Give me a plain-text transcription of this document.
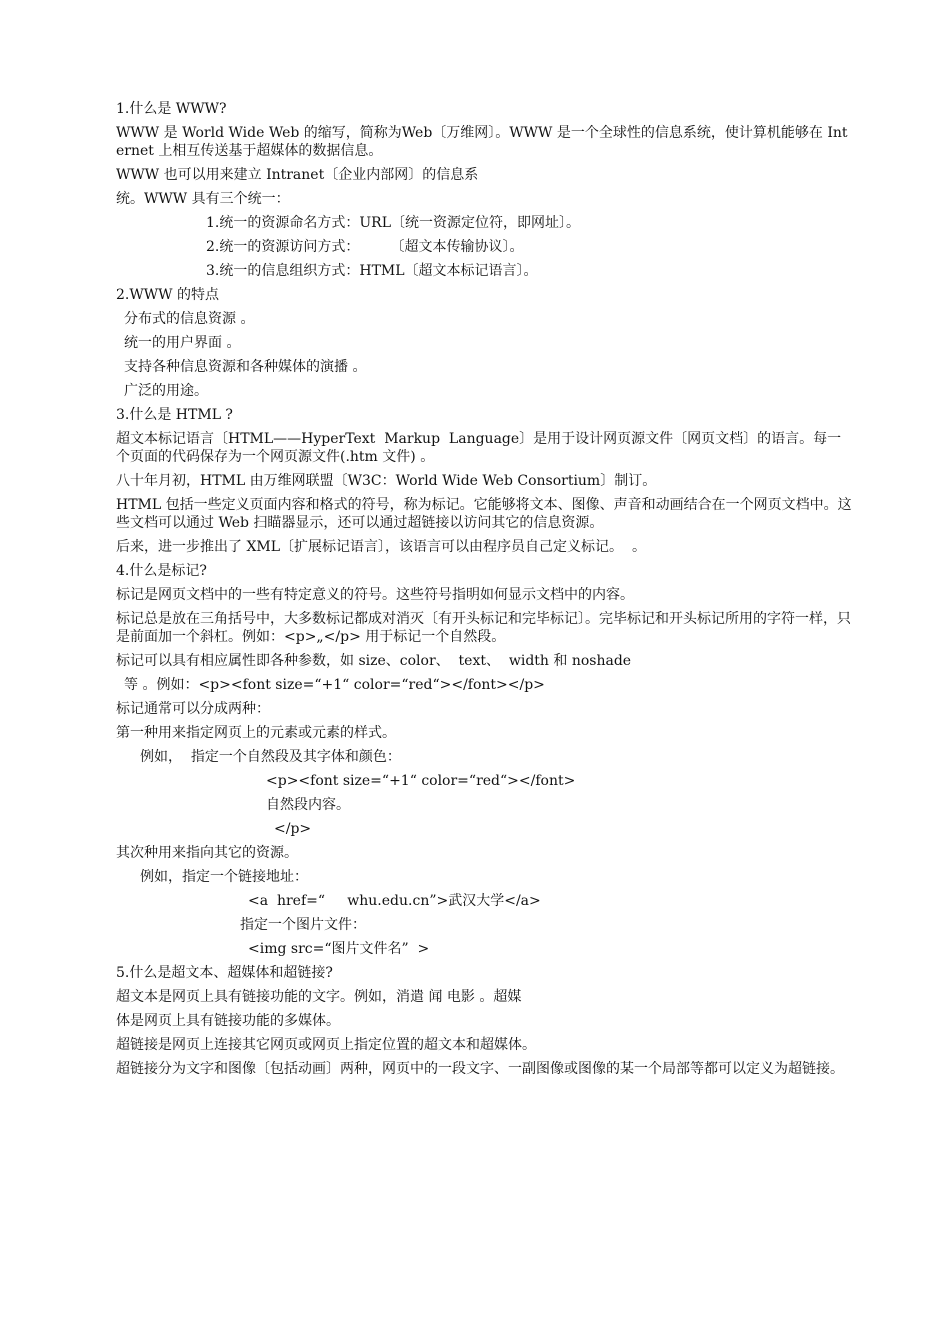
1.什么是 WWW?
WWW 是 World Wide Web 的缩写，简称为Web〔万维网〕。WWW 是一个全球性的信息系统，使计算机能够在 Internet 上相互传送基于超媒体的数据信息。
WWW 也可以用来建立 Intranet〔企业内部网〕的信息系
统。WWW 具有三个统一：
1.统一的资源命名方式：URL〔统一资源定位符，即网址〕。
2.统一的资源访问方式：       〔超文本传输协议〕。
3.统一的信息组织方式：HTML〔超文本标记语言〕。
2.WWW 的特点
分布式的信息资源 。
统一的用户界面 。
支持各种信息资源和各种媒体的演播 。
广泛的用途。
3.什么是 HTML ?
超文本标记语言〔HTML——HyperText  Markup  Language〕是用于设计网页源文件〔网页文档〕的语言。每一个页面的代码保存为一个网页源文件(.htm 文件) 。
八十年月初，HTML 由万维网联盟〔W3C：World Wide Web Consortium〕制订。
HTML 包括一些定义页面内容和格式的符号，称为标记。它能够将文本、图像、声音和动画结合在一个网页文档中。这些文档可以通过 Web 扫瞄器显示，还可以通过超链接以访问其它的信息资源。
后来，进一步推出了 XML〔扩展标记语言〕，该语言可以由程序员自己定义标记。  。
4.什么是标记?
标记是网页文档中的一些有特定意义的符号。这些符号指明如何显示文档中的内容。
标记总是放在三角括号中，大多数标记都成对消灭〔有开头标记和完毕标记〕。完毕标记和开头标记所用的字符一样，只是前面加一个斜杠。例如：<p>„</p> 用于标记一个自然段。
标记可以具有相应属性即各种参数，如 size、color、  text、  width 和 noshade
等 。例如：<p><font size=“+1“ color=“red“></font></p>
标记通常可以分成两种：
第一种用来指定网页上的元素或元素的样式。
例如，  指定一个自然段及其字体和颜色：
<p><font size=“+1“ color=“red“></font>
自然段内容。
</p>
其次种用来指向其它的资源。
例如，指定一个链接地址：
<a  href=“     whu.edu.cn”>武汉大学</a>
指定一个图片文件：
<img src=“图片文件名”  >
5.什么是超文本、超媒体和超链接?
超文本是网页上具有链接功能的文字。例如，消遣 闻 电影 。超媒
体是网页上具有链接功能的多媒体。
超链接是网页上连接其它网页或网页上指定位置的超文本和超媒体。
超链接分为文字和图像〔包括动画〕两种，网页中的一段文字、一副图像或图像的某一个局部等都可以定义为超链接。
